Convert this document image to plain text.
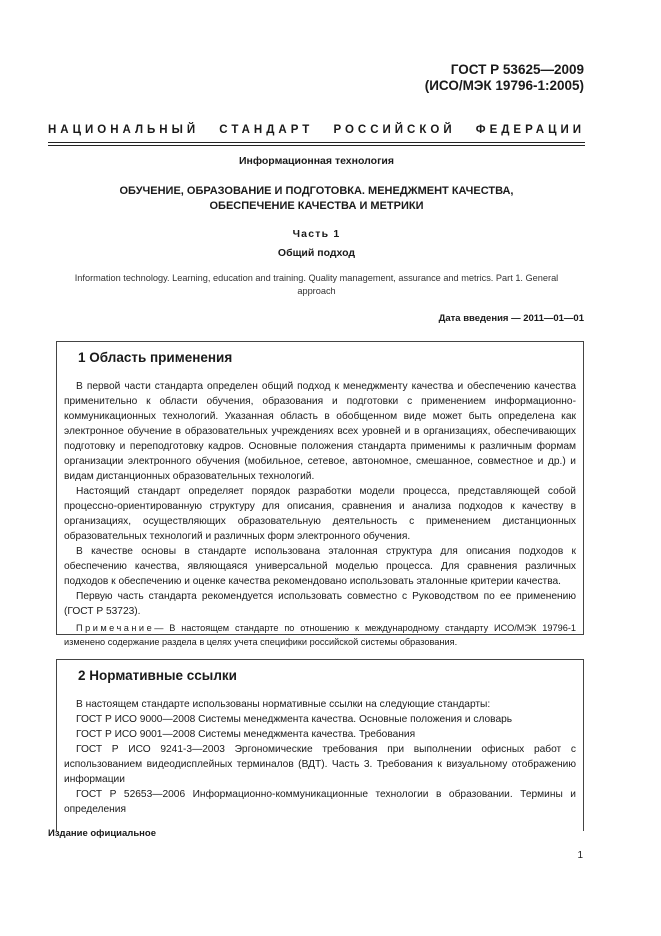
ГОСТ Р 53625—2009
(ИСО/МЭК 19796-1:2005)
НАЦИОНАЛЬНЫЙ СТАНДАРТ РОССИЙСКОЙ ФЕДЕРАЦИИ
Информационная технология
ОБУЧЕНИЕ, ОБРАЗОВАНИЕ И ПОДГОТОВКА. МЕНЕДЖМЕНТ КАЧЕСТВА, ОБЕСПЕЧЕНИЕ КАЧЕСТВА И МЕТРИКИ
Часть 1
Общий подход
Information technology. Learning, education and training. Quality management, assurance and metrics. Part 1. General approach
Дата введения — 2011—01—01
1 Область применения

В первой части стандарта определен общий подход к менеджменту качества и обеспечению качества применительно к области обучения, образования и подготовки с применением информационно-коммуникационных технологий. Указанная область в обобщенном виде может быть определена как электронное обучение в образовательных учреждениях всех уровней и в организациях, обеспечивающих подготовку и переподготовку кадров. Основные положения стандарта применимы к различным формам организации электронного обучения (мобильное, сетевое, автономное, смешанное, совместное и др.) и видам дистанционных образовательных технологий.

Настоящий стандарт определяет порядок разработки модели процесса, представляющей собой процессно-ориентированную структуру для описания, сравнения и анализа подходов к качеству в организациях, осуществляющих образовательную деятельность с применением дистанционных образовательных технологий и различных форм электронного обучения.

В качестве основы в стандарте использована эталонная структура для описания подходов к обеспечению качества, являющаяся универсальной моделью процесса. Для сравнения различных подходов к обеспечению и оценке качества рекомендовано использовать эталонные критерии качества.

Первую часть стандарта рекомендуется использовать совместно с Руководством по ее применению (ГОСТ Р 53723).

Примечание— В настоящем стандарте по отношению к международному стандарту ИСО/МЭК 19796-1 изменено содержание раздела в целях учета специфики российской системы образования.

2 Нормативные ссылки

В настоящем стандарте использованы нормативные ссылки на следующие стандарты:

ГОСТ Р ИСО 9000—2008 Системы менеджмента качества. Основные положения и словарь

ГОСТ Р ИСО 9001—2008 Системы менеджмента качества. Требования

ГОСТ Р ИСО 9241-3—2003 Эргономические требования при выполнении офисных работ с использованием видеодисплейных терминалов (ВДТ). Часть 3. Требования к визуальному отображению информации

ГОСТ Р 52653—2006 Информационно-коммуникационные технологии в образовании. Термины и определения

Издание официальное
1
